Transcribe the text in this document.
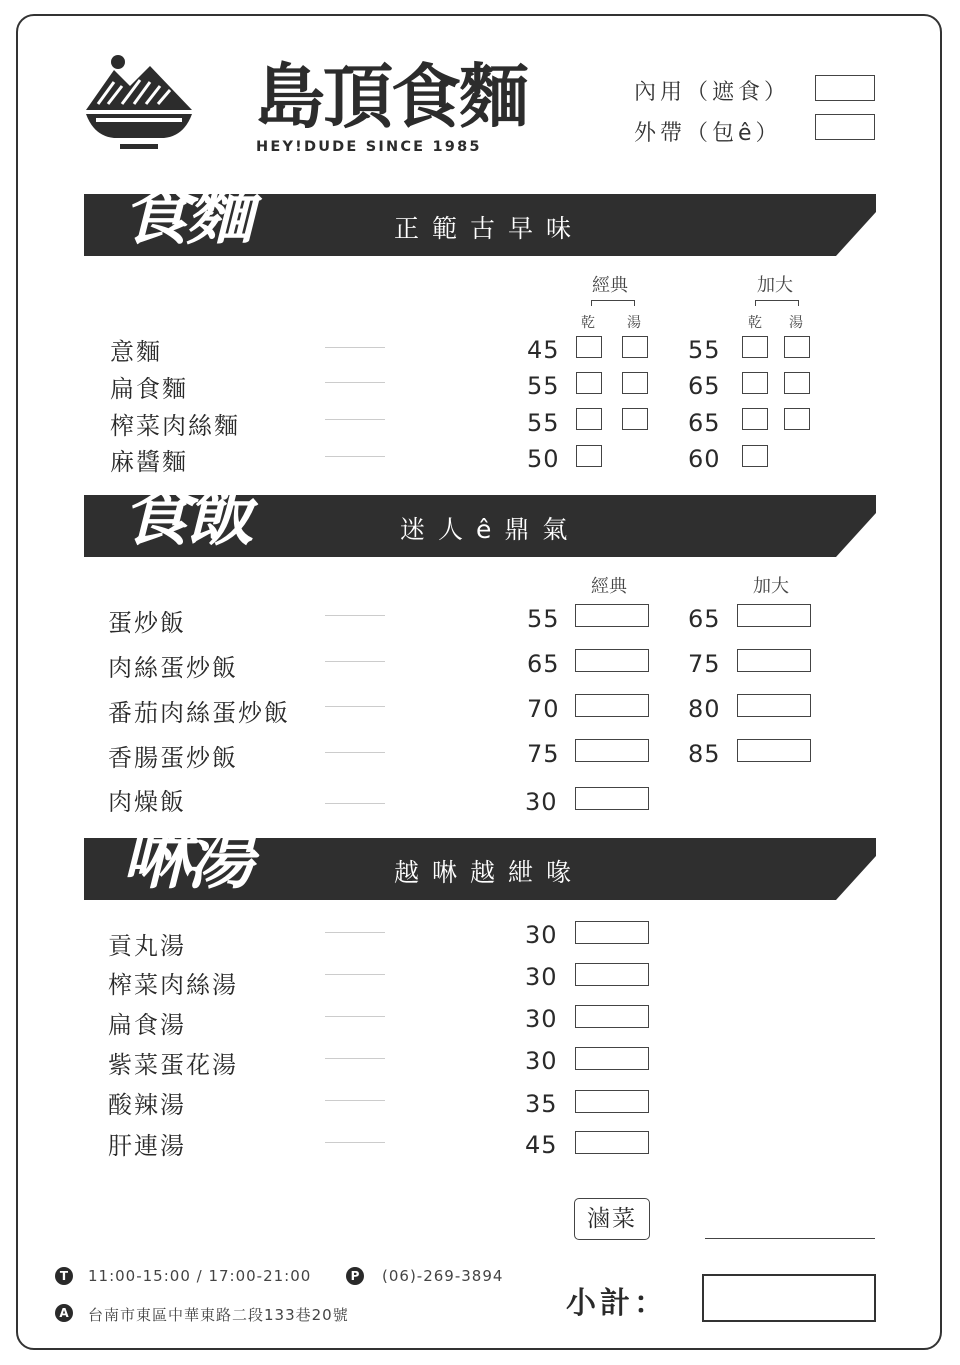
島頂食麵
HEY!DUDE SINCE 1985
內用（遮食）
外帶（包ê）
食麵	正範古早味
經典
乾 湯
加大
乾 湯
意麵	45	55
扁食麵	55	65
榨菜肉絲麵	55	65
麻醬麵	50	60
食飯	迷人ê鼎氣
經典	加大
蛋炒飯	55	65
肉絲蛋炒飯	65	75
番茄肉絲蛋炒飯	70	80
香腸蛋炒飯	75	85
肉燥飯	30
啉湯	越啉越紲喙
貢丸湯	30
榨菜肉絲湯	30
扁食湯	30
紫菜蛋花湯	30
酸辣湯	35
肝連湯	45
滷菜
小計：
T	11:00-15:00 / 17:00-21:00	P	(06)-269-3894
A 台南市東區中華東路二段133巷20號
